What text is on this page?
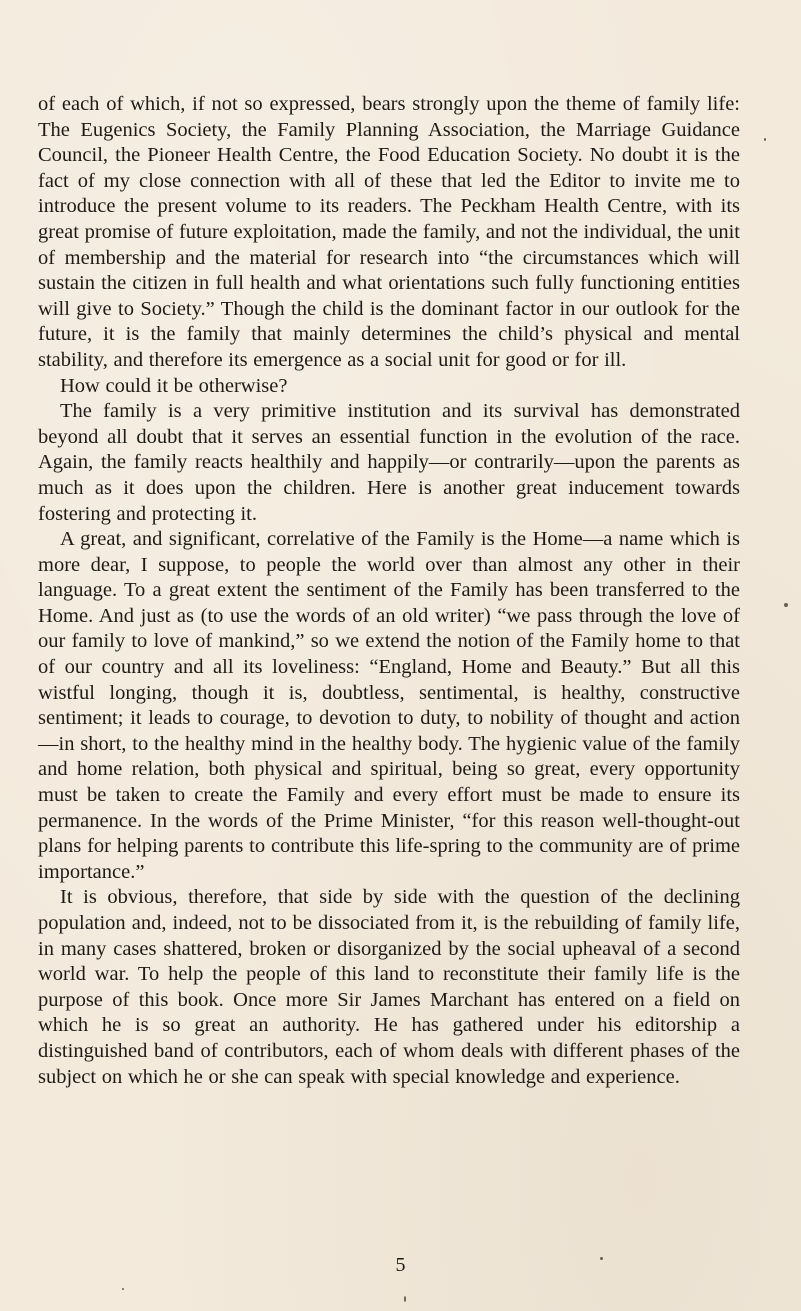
of each of which, if not so expressed, bears strongly upon the theme of family life: The Eugenics Society, the Family Planning Association, the Marriage Guidance Council, the Pioneer Health Centre, the Food Education Society. No doubt it is the fact of my close connection with all of these that led the Editor to invite me to introduce the present volume to its readers. The Peckham Health Centre, with its great promise of future exploitation, made the family, and not the individual, the unit of membership and the material for research into “the circumstances which will sustain the citizen in full health and what orientations such fully functioning entities will give to Society.” Though the child is the dominant factor in our outlook for the future, it is the family that mainly determines the child’s physical and mental stability, and therefore its emergence as a social unit for good or for ill.

How could it be otherwise?

The family is a very primitive institution and its survival has demonstrated beyond all doubt that it serves an essential function in the evolution of the race. Again, the family reacts healthily and happily—or contrarily—upon the parents as much as it does upon the children. Here is another great inducement towards fostering and protecting it.

A great, and significant, correlative of the Family is the Home—a name which is more dear, I suppose, to people the world over than almost any other in their language. To a great extent the sentiment of the Family has been transferred to the Home. And just as (to use the words of an old writer) “we pass through the love of our family to love of mankind,” so we extend the notion of the Family home to that of our country and all its loveliness: “England, Home and Beauty.” But all this wistful longing, though it is, doubtless, sentimental, is healthy, constructive sentiment; it leads to courage, to devotion to duty, to nobility of thought and action—in short, to the healthy mind in the healthy body. The hygienic value of the family and home relation, both physical and spiritual, being so great, every opportunity must be taken to create the Family and every effort must be made to ensure its permanence. In the words of the Prime Minister, “for this reason well-thought-out plans for helping parents to contribute this life-spring to the community are of prime importance.”

It is obvious, therefore, that side by side with the question of the declining population and, indeed, not to be dissociated from it, is the rebuilding of family life, in many cases shattered, broken or disorganized by the social upheaval of a second world war. To help the people of this land to reconstitute their family life is the purpose of this book. Once more Sir James Marchant has entered on a field on which he is so great an authority. He has gathered under his editorship a distinguished band of contributors, each of whom deals with different phases of the subject on which he or she can speak with special knowledge and experience.

5
